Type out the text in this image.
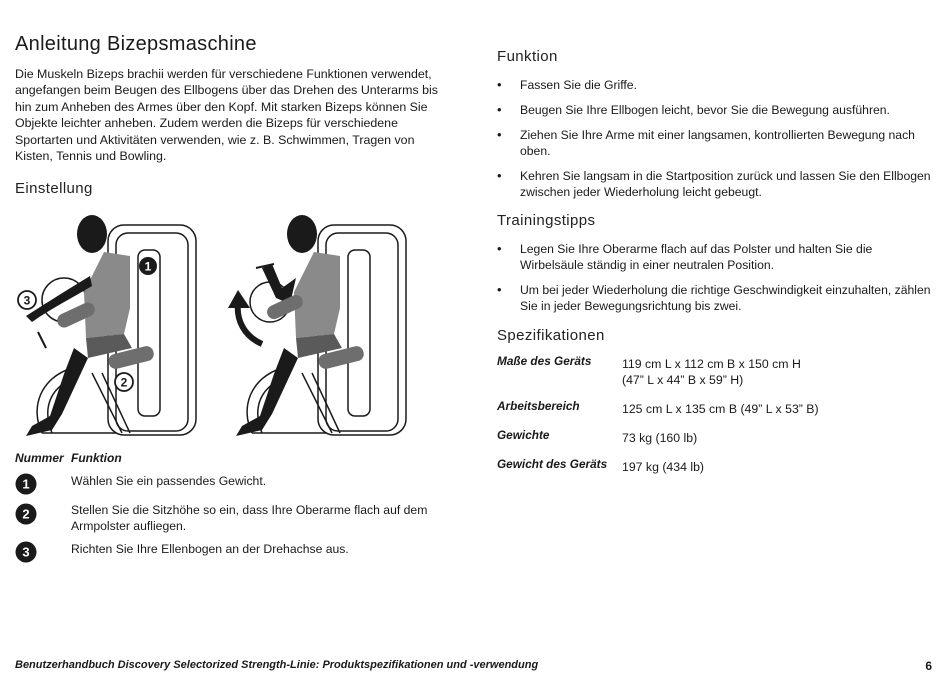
Anleitung Bizepsmaschine
Die Muskeln Bizeps brachii werden für verschiedene Funktionen verwendet, angefangen beim Beugen des Ellbogens über das Drehen des Unterarms bis hin zum Anheben des Armes über den Kopf. Mit starken Bizeps können Sie Objekte leichter anheben. Zudem werden die Bizeps für verschiedene Sportarten und Aktivitäten verwenden, wie z. B. Schwimmen, Tragen von Kisten, Tennis und Bowling.
Einstellung
1
2
3
Nummer Funktion
1	Wählen Sie ein passendes Gewicht.
2	Stellen Sie die Sitzhöhe so ein, dass Ihre Oberarme flach auf dem Armpolster aufliegen.
3	Richten Sie Ihre Ellenbogen an der Drehachse aus.
Funktion
• Fassen Sie die Griffe.
• Beugen Sie Ihre Ellbogen leicht, bevor Sie die Bewegung ausführen.
• Ziehen Sie Ihre Arme mit einer langsamen, kontrollierten Bewegung nach oben.
• Kehren Sie langsam in die Startposition zurück und lassen Sie den Ellbogen zwischen jeder Wiederholung leicht gebeugt.
Trainingstipps
• Legen Sie Ihre Oberarme flach auf das Polster und halten Sie die Wirbelsäule ständig in einer neutralen Position.
• Um bei jeder Wiederholung die richtige Geschwindigkeit einzuhalten, zählen Sie in jeder Bewegungsrichtung bis zwei.
Spezifikationen
Maße des Geräts	119 cm L x 112 cm B x 150 cm H
(47” L x 44” B x 59” H)
Arbeitsbereich	125 cm L x 135 cm B (49” L x 53” B)
Gewichte	73 kg (160 lb)
Gewicht des Geräts	197 kg (434 lb)
Benutzerhandbuch Discovery Selectorized Strength-Linie: Produktspezifikationen und -verwendung	6
